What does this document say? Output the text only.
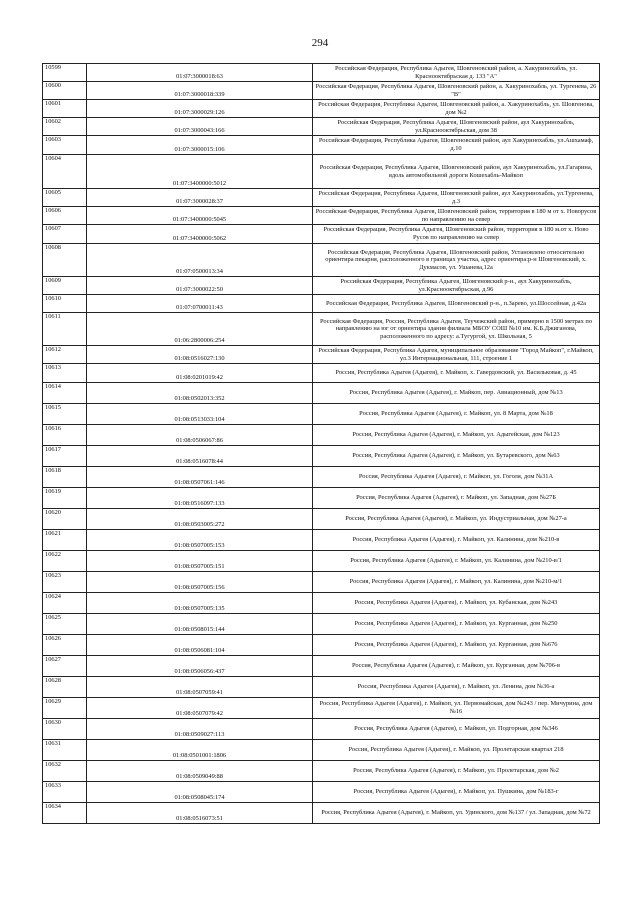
294
10599	01:07:3000018:63	Российская Федерация, Республика Адыгея, Шовгеновский район, а. Хакуринохабль, ул. Краснооктябрьская д. 133 "А"
10600	01:07:3000018:339	Российская Федерация, Республика Адыгея, Шовгеновский район, а. Хакуринохабль, ул. Тургенева, 26 "В"
10601	01:07:3000029:126	Российская Федерация, Республика Адыгея, Шовгеновский район, а. Хакуринохабль, ул. Шовгенова, дом №2
10602	01:07:3000043:166	Российская Федерация, Республика Адыгея, Шовгеновский район, аул Хакуринохабль, ул.Краснооктябрьская, дом 38
10603	01:07:3000015:106	Российская Федерация, Республика Адыгея, Шовгеновский район, аул Хакуринохабль, ул.Ашхамаф, д.10
10604	01:07:3400000:5012	Российская Федерация, Республика Адыгея, Шовгеновский район, аул Хакуринохабль, ул.Гагарина, вдоль автомобильной дороги Кошехабль-Майкоп
10605	01:07:3000028:37	Российская Федерация, Республика Адыгея, Шовгеновский район, аул Хакуринохабль, ул.Тургенева, д.3
10606	01:07:3400000:5045	Российская Федерация, Республика Адыгея, Шовгеновский район, территория в 180 м от х. Новорусов по направлению на север
10607	01:07:3400000:5062	Российская Федерация, Республика Адыгея, Шовгеновский район, территория в 180 м.от х. Ново Русов по направлению на север
10608	01:07:0500013:34	Российская Федерация, Республика Адыгея, Шовгеновский район, Установлено относительно ориентира пекарня, расположенного в границах участка, адрес ориентира:р-н Шовгеновский, х. Дукмасов, ул. Ушанева,12а
10609	01:07:3000022:50	Российская Федерация, Республика Адыгея, Шовгеновский р-н., аул Хакуринохабль, ул.Краснооктябрьская, д.96
10610	01:07:0700011:43	Российская Федерация, Республика Адыгея, Шовгеновский р-н., п.Зарево, ул.Шоссейная, д.42а
10611	01:06:2800006:254	Российская Федерация, Россия, Республика Адыгея, Теучежский район, примерно в 1500 метрах по направлению на юг от ориентира здания филиала МБОУ СОШ №10 им. К.Б.Джиганова, расположенного по адресу: а.Тугургой, ул. Школьная, 5
10612	01:08:0516027:130	Российская Федерация, Республика Адыгея, муниципальное образование "Город Майкоп", г.Майкоп, ул.3 Интернациональная, 111, строение 1
10613	01:08:0201019:42	Россия, Республика Адыгея (Адыгея), г. Майкоп, х. Гавердовский, ул. Васильковая, д. 45
10614	01:08:0502013:352	Россия, Республика Адыгея (Адыгея), г. Майкоп, пер. Авиационный, дом №13
10615	01:08:0513033:104	Россия, Республика Адыгея (Адыгея), г. Майкоп, ул. 8 Марта, дом №18
10616	01:08:0506067:86	Россия, Республика Адыгея (Адыгея), г. Майкоп, ул. Адыгейская, дом №123
10617	01:08:0516078:44	Россия, Республика Адыгея (Адыгея), г. Майкоп, ул. Бутаревского, дом №63
10618	01:08:0507061:146	Россия, Республика Адыгея (Адыгея), г. Майкоп, ул. Гоголя, дом №31А
10619	01:08:0516097:133	Россия, Республика Адыгея (Адыгея), г. Майкоп, ул. Западная, дом №27Б
10620	01:08:0503005:272	Россия, Республика Адыгея (Адыгея), г. Майкоп, ул. Индустриальная, дом №27-а
10621	01:08:0507005:153	Россия, Республика Адыгея (Адыгея), г. Майкоп, ул. Калинина, дом №210-в
10622	01:08:0507005:151	Россия, Республика Адыгея (Адыгея), г. Майкоп, ул. Калинина, дом №210-в/1
10623	01:08:0507005:156	Россия, Республика Адыгея (Адыгея), г. Майкоп, ул. Калинина, дом №210-м/1
10624	01:08:0507005:135	Россия, Республика Адыгея (Адыгея), г. Майкоп, ул. Кубанская, дом №243
10625	01:08:0508015:144	Россия, Республика Адыгея (Адыгея), г. Майкоп, ул. Курганная, дом №250
10626	01:08:0506081:104	Россия, Республика Адыгея (Адыгея), г. Майкоп, ул. Курганная, дом №676
10627	01:08:0506056:437	Россия, Республика Адыгея (Адыгея), г. Майкоп, ул. Курганная, дом №706-в
10628	01:08:0507059:41	Россия, Республика Адыгея (Адыгея), г. Майкоп, ул. Ленина, дом №36-а
10629	01:08:0507079:42	Россия, Республика Адыгея (Адыгея), г. Майкоп, ул. Первомайская, дом №243 / пер. Мичурина, дом №16
10630	01:08:0509027:113	Россия, Республика Адыгея (Адыгея), г. Майкоп, ул. Подгорная, дом №346
10631	01:08:0501001:1806	Россия, Республика Адыгея (Адыгея), г. Майкоп, ул. Пролетарская квартал 218
10632	01:08:0509049:88	Россия, Республика Адыгея (Адыгея), г. Майкоп, ул. Пролетарская, дом №2
10633	01:08:0508045:174	Россия, Республика Адыгея (Адыгея), г. Майкоп, ул. Пушкина, дом №183-г
10634	01:08:0516073:51	Россия, Республика Адыгея (Адыгея), г. Майкоп, ул. Удинского, дом №137 / ул. Западная, дом №72
